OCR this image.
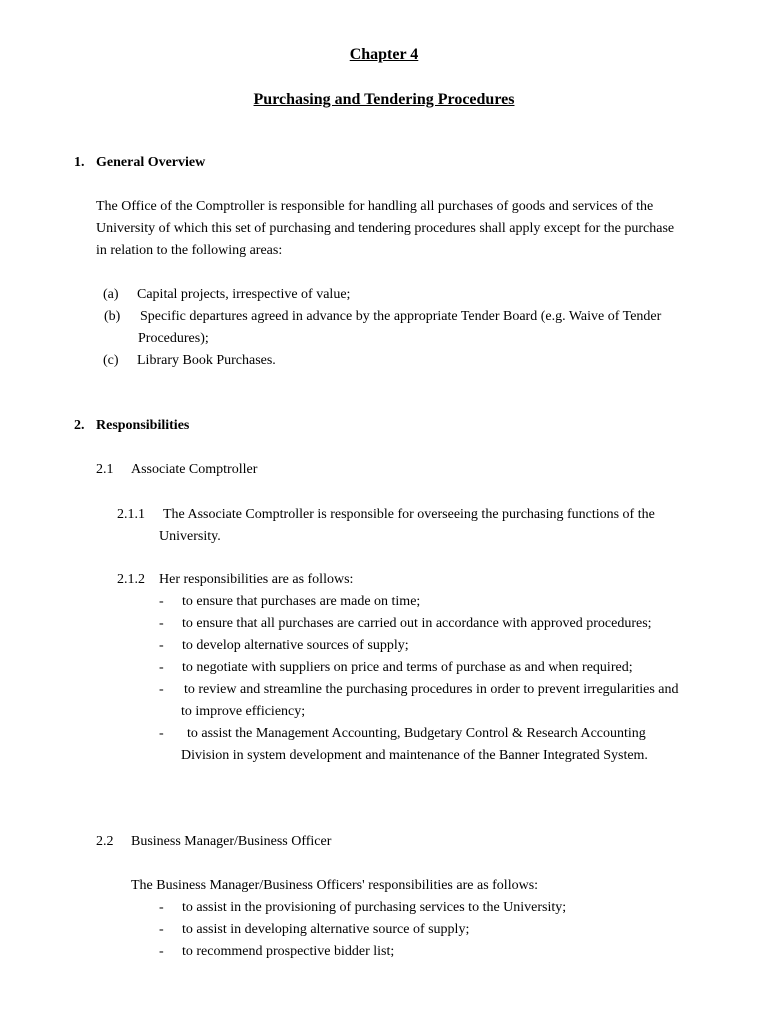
Chapter 4
Purchasing and Tendering Procedures
1. General Overview
The Office of the Comptroller is responsible for handling all purchases of goods and services of the
University of which this set of purchasing and tendering procedures shall apply except for the purchase
in relation to the following areas:
(a) Capital projects, irrespective of value;
(b) Specific departures agreed in advance by the appropriate Tender Board (e.g. Waive of Tender
Procedures);
(c) Library Book Purchases.
2. Responsibilities
2.1 Associate Comptroller
2.1.1 The Associate Comptroller is responsible for overseeing the purchasing functions of the
University.
2.1.2 Her responsibilities are as follows:
- to ensure that purchases are made on time;
- to ensure that all purchases are carried out in accordance with approved procedures;
- to develop alternative sources of supply;
- to negotiate with suppliers on price and terms of purchase as and when required;
- to review and streamline the purchasing procedures in order to prevent irregularities and
to improve efficiency;
- to assist the Management Accounting, Budgetary Control & Research Accounting
Division in system development and maintenance of the Banner Integrated System.
2.2 Business Manager/Business Officer
The Business Manager/Business Officers' responsibilities are as follows:
- to assist in the provisioning of purchasing services to the University;
- to assist in developing alternative source of supply;
- to recommend prospective bidder list;
